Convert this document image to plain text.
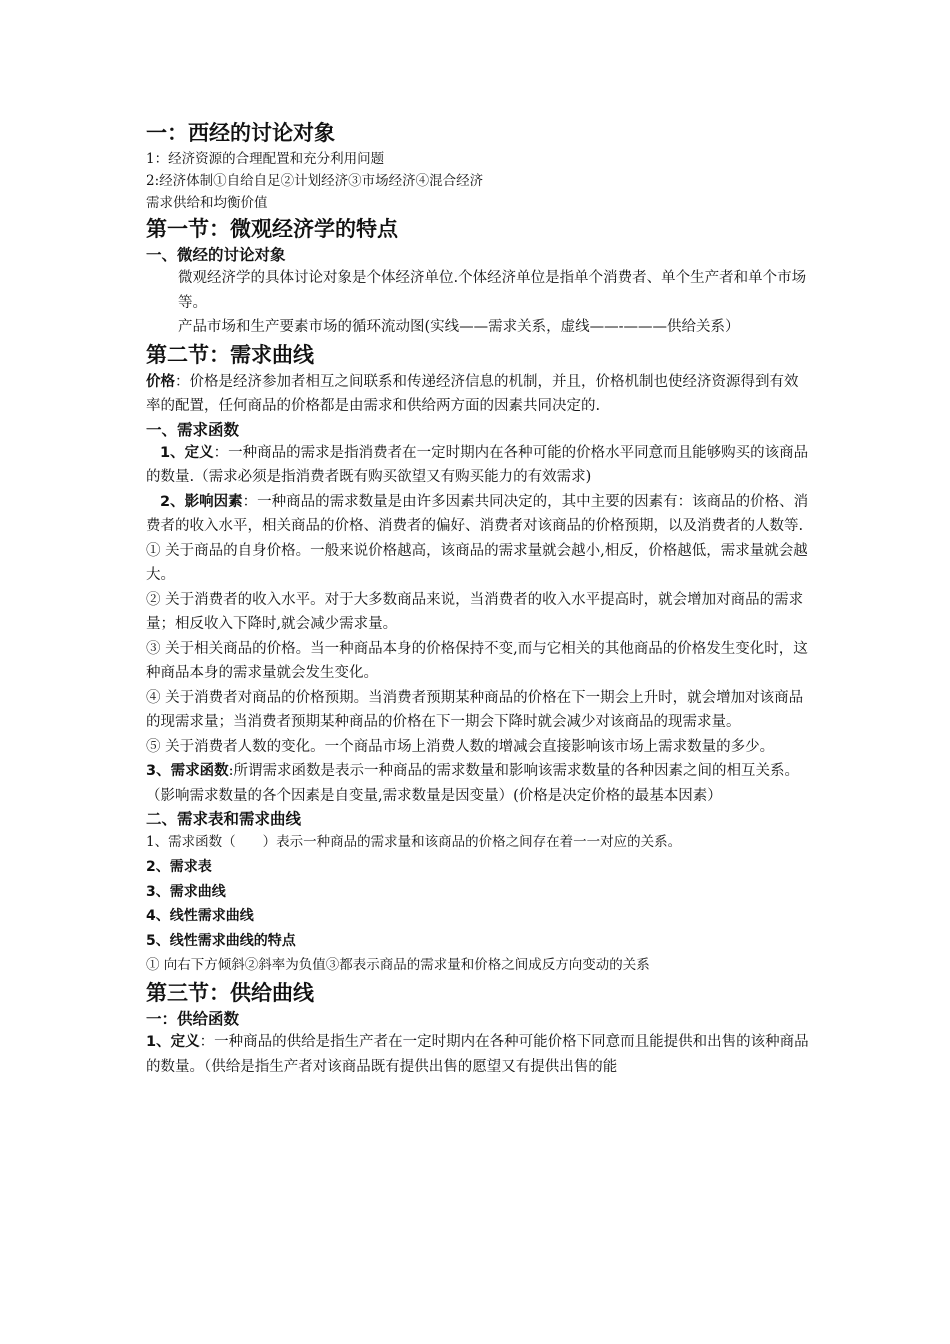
一：西经的讨论对象
1：经济资源的合理配置和充分利用问题
2:经济体制①自给自足②计划经济③市场经济④混合经济
需求供给和均衡价值
第一节：微观经济学的特点
一、微经的讨论对象
微观经济学的具体讨论对象是个体经济单位.个体经济单位是指单个消费者、单个生产者和单个市场等。
产品市场和生产要素市场的循环流动图(实线——需求关系，虚线——-———供给关系）
第二节：需求曲线
价格：价格是经济参加者相互之间联系和传递经济信息的机制，并且，价格机制也使经济资源得到有效率的配置，任何商品的价格都是由需求和供给两方面的因素共同决定的.
一、需求函数
1、定义：一种商品的需求是指消费者在一定时期内在各种可能的价格水平同意而且能够购买的该商品的数量.（需求必须是指消费者既有购买欲望又有购买能力的有效需求)
2、影响因素：一种商品的需求数量是由许多因素共同决定的，其中主要的因素有：该商品的价格、消费者的收入水平，相关商品的价格、消费者的偏好、消费者对该商品的价格预期，以及消费者的人数等.
① 关于商品的自身价格。一般来说价格越高，该商品的需求量就会越小,相反，价格越低，需求量就会越大。
② 关于消费者的收入水平。对于大多数商品来说，当消费者的收入水平提高时，就会增加对商品的需求量；相反收入下降时,就会减少需求量。
③ 关于相关商品的价格。当一种商品本身的价格保持不变,而与它相关的其他商品的价格发生变化时，这种商品本身的需求量就会发生变化。
④ 关于消费者对商品的价格预期。当消费者预期某种商品的价格在下一期会上升时，就会增加对该商品的现需求量；当消费者预期某种商品的价格在下一期会下降时就会减少对该商品的现需求量。
⑤ 关于消费者人数的变化。一个商品市场上消费人数的增减会直接影响该市场上需求数量的多少。
3、需求函数:所谓需求函数是表示一种商品的需求数量和影响该需求数量的各种因素之间的相互关系。（影响需求数量的各个因素是自变量,需求数量是因变量）(价格是决定价格的最基本因素）
二、需求表和需求曲线
1、需求函数（　　）表示一种商品的需求量和该商品的价格之间存在着一一对应的关系。
2、需求表
3、需求曲线
4、线性需求曲线
5、线性需求曲线的特点
① 向右下方倾斜②斜率为负值③都表示商品的需求量和价格之间成反方向变动的关系
第三节：供给曲线
一：供给函数
1、定义：一种商品的供给是指生产者在一定时期内在各种可能价格下同意而且能提供和出售的该种商品的数量。（供给是指生产者对该商品既有提供出售的愿望又有提供出售的能
